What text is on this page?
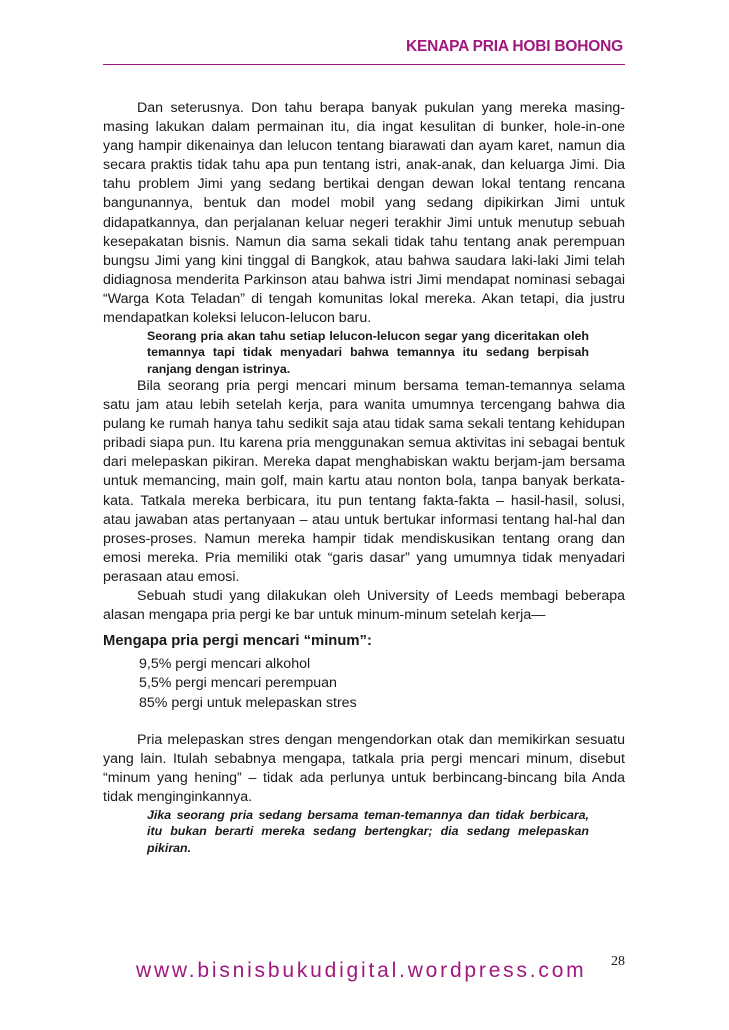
KENAPA PRIA HOBI BOHONG

Dan seterusnya. Don tahu berapa banyak pukulan yang mereka masing-masing lakukan dalam permainan itu, dia ingat kesulitan di bunker, hole-in-one yang hampir dikenainya dan lelucon tentang biarawati dan ayam karet, namun dia secara praktis tidak tahu apa pun tentang istri, anak-anak, dan keluarga Jimi. Dia tahu problem Jimi yang sedang bertikai dengan dewan lokal tentang rencana bangunannya, bentuk dan model mobil yang sedang dipikirkan Jimi untuk didapatkannya, dan perjalanan keluar negeri terakhir Jimi untuk menutup sebuah kesepakatan bisnis. Namun dia sama sekali tidak tahu tentang anak perempuan bungsu Jimi yang kini tinggal di Bangkok, atau bahwa saudara laki-laki Jimi telah didiagnosa menderita Parkinson atau bahwa istri Jimi mendapat nominasi sebagai “Warga Kota Teladan” di tengah komunitas lokal mereka. Akan tetapi, dia justru mendapatkan koleksi lelucon-lelucon baru.

Seorang pria akan tahu setiap lelucon-lelucon segar yang diceritakan oleh temannya tapi tidak menyadari bahwa temannya itu sedang berpisah ranjang dengan istrinya.

Bila seorang pria pergi mencari minum bersama teman-temannya selama satu jam atau lebih setelah kerja, para wanita umumnya tercengang bahwa dia pulang ke rumah hanya tahu sedikit saja atau tidak sama sekali tentang kehidupan pribadi siapa pun. Itu karena pria menggunakan semua aktivitas ini sebagai bentuk dari melepaskan pikiran. Mereka dapat menghabiskan waktu berjam-jam bersama untuk memancing, main golf, main kartu atau nonton bola, tanpa banyak berkata-kata. Tatkala mereka berbicara, itu pun tentang fakta-fakta – hasil-hasil, solusi, atau jawaban atas pertanyaan – atau untuk bertukar informasi tentang hal-hal dan proses-proses. Namun mereka hampir tidak mendiskusikan tentang orang dan emosi mereka. Pria memiliki otak “garis dasar” yang umumnya tidak menyadari perasaan atau emosi.

Sebuah studi yang dilakukan oleh University of Leeds membagi beberapa alasan mengapa pria pergi ke bar untuk minum-minum setelah kerja—

Mengapa pria pergi mencari “minum”:

9,5% pergi mencari alkohol
5,5% pergi mencari perempuan
85% pergi untuk melepaskan stres

Pria melepaskan stres dengan mengendorkan otak dan memikirkan sesuatu yang lain. Itulah sebabnya mengapa, tatkala pria pergi mencari minum, disebut “minum yang hening” – tidak ada perlunya untuk berbincang-bincang bila Anda tidak menginginkannya.

Jika seorang pria sedang bersama teman-temannya dan tidak berbicara, itu bukan berarti mereka sedang bertengkar; dia sedang melepaskan pikiran.

www.bisnisbukudigital.wordpress.com 28
